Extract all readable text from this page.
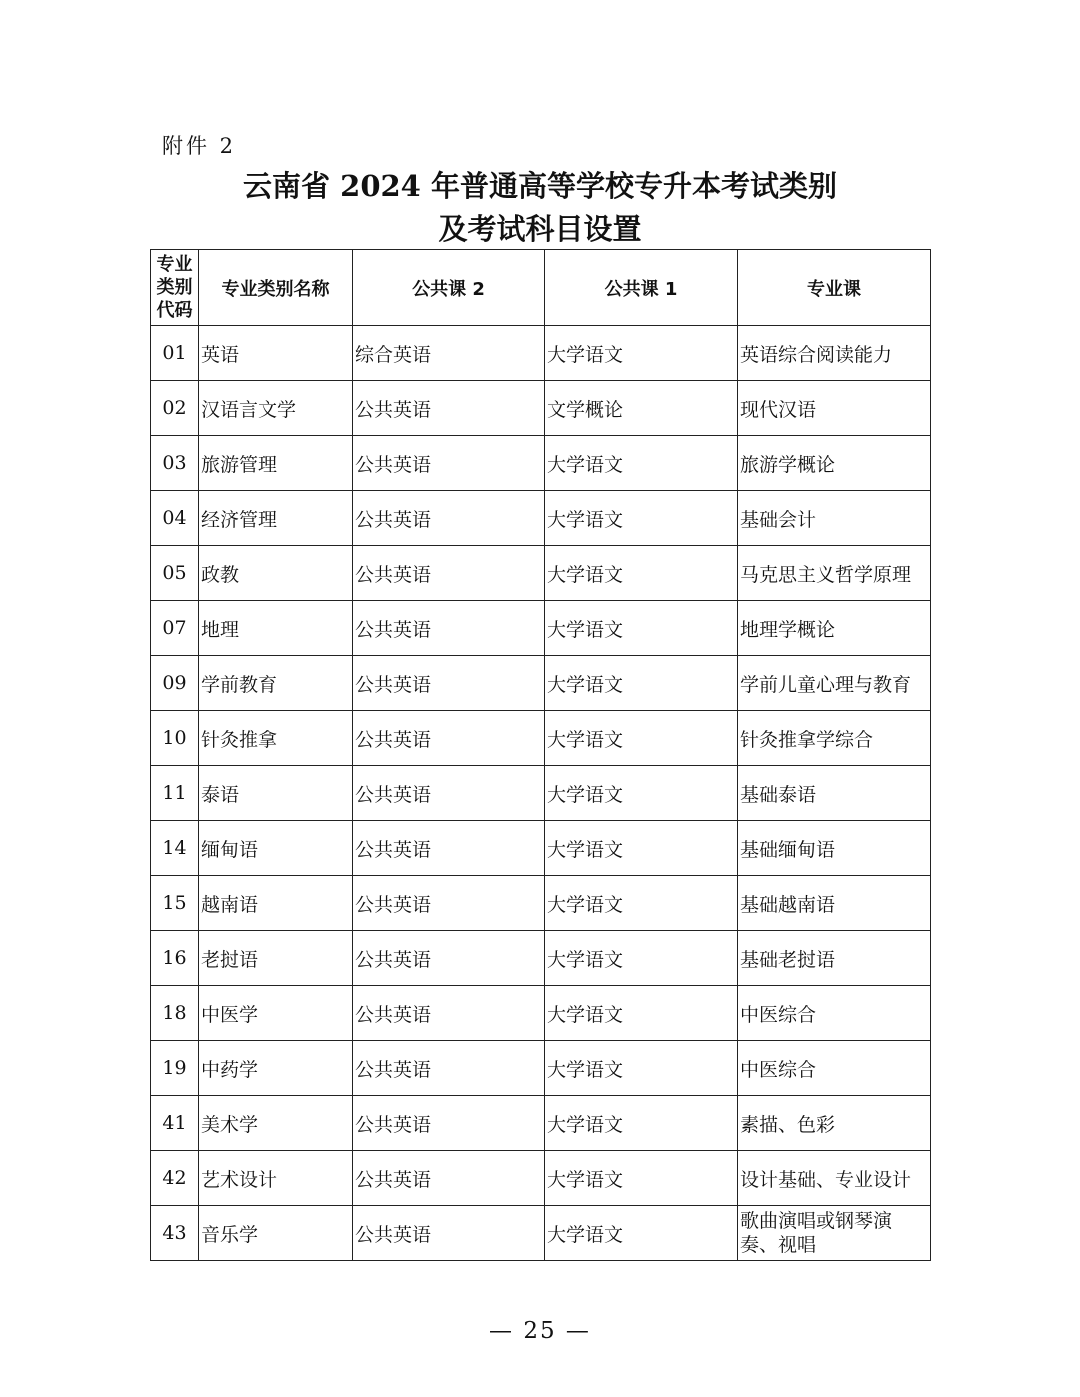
附件 2
云南省 2024 年普通高等学校专升本考试类别
及考试科目设置
专业类别代码	专业类别名称	公共课 2	公共课 1	专业课
01	英语	综合英语	大学语文	英语综合阅读能力
02	汉语言文学	公共英语	文学概论	现代汉语
03	旅游管理	公共英语	大学语文	旅游学概论
04	经济管理	公共英语	大学语文	基础会计
05	政教	公共英语	大学语文	马克思主义哲学原理
07	地理	公共英语	大学语文	地理学概论
09	学前教育	公共英语	大学语文	学前儿童心理与教育
10	针灸推拿	公共英语	大学语文	针灸推拿学综合
11	泰语	公共英语	大学语文	基础泰语
14	缅甸语	公共英语	大学语文	基础缅甸语
15	越南语	公共英语	大学语文	基础越南语
16	老挝语	公共英语	大学语文	基础老挝语
18	中医学	公共英语	大学语文	中医综合
19	中药学	公共英语	大学语文	中医综合
41	美术学	公共英语	大学语文	素描、色彩
42	艺术设计	公共英语	大学语文	设计基础、专业设计
43	音乐学	公共英语	大学语文	歌曲演唱或钢琴演奏、视唱
— 25 —
